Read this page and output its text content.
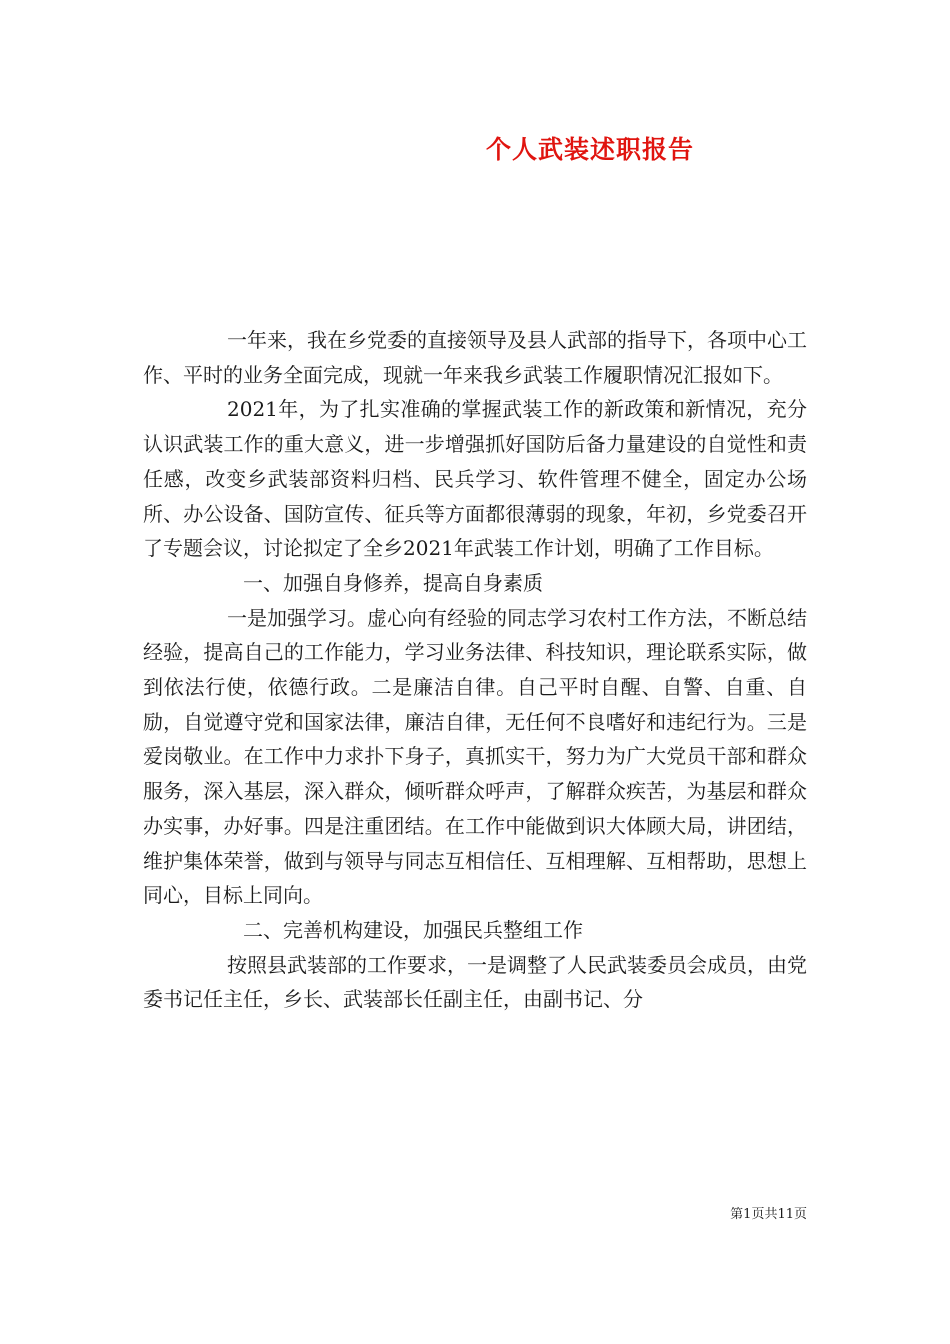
个人武装述职报告

一年来，我在乡党委的直接领导及县人武部的指导下，各项中心工作、平时的业务全面完成，现就一年来我乡武装工作履职情况汇报如下。

2021年，为了扎实准确的掌握武装工作的新政策和新情况，充分认识武装工作的重大意义，进一步增强抓好国防后备力量建设的自觉性和责任感，改变乡武装部资料归档、民兵学习、软件管理不健全，固定办公场所、办公设备、国防宣传、征兵等方面都很薄弱的现象，年初，乡党委召开了专题会议，讨论拟定了全乡2021年武装工作计划，明确了工作目标。

一、加强自身修养，提高自身素质

一是加强学习。虚心向有经验的同志学习农村工作方法，不断总结经验，提高自己的工作能力，学习业务法律、科技知识，理论联系实际，做到依法行使，依德行政。二是廉洁自律。自己平时自醒、自警、自重、自励，自觉遵守党和国家法律，廉洁自律，无任何不良嗜好和违纪行为。三是爱岗敬业。在工作中力求扑下身子，真抓实干，努力为广大党员干部和群众服务，深入基层，深入群众，倾听群众呼声，了解群众疾苦，为基层和群众办实事，办好事。四是注重团结。在工作中能做到识大体顾大局，讲团结，维护集体荣誉，做到与领导与同志互相信任、互相理解、互相帮助，思想上同心，目标上同向。

二、完善机构建设，加强民兵整组工作

按照县武装部的工作要求，一是调整了人民武装委员会成员，由党委书记任主任，乡长、武装部长任副主任，由副书记、分

第1页共11页
